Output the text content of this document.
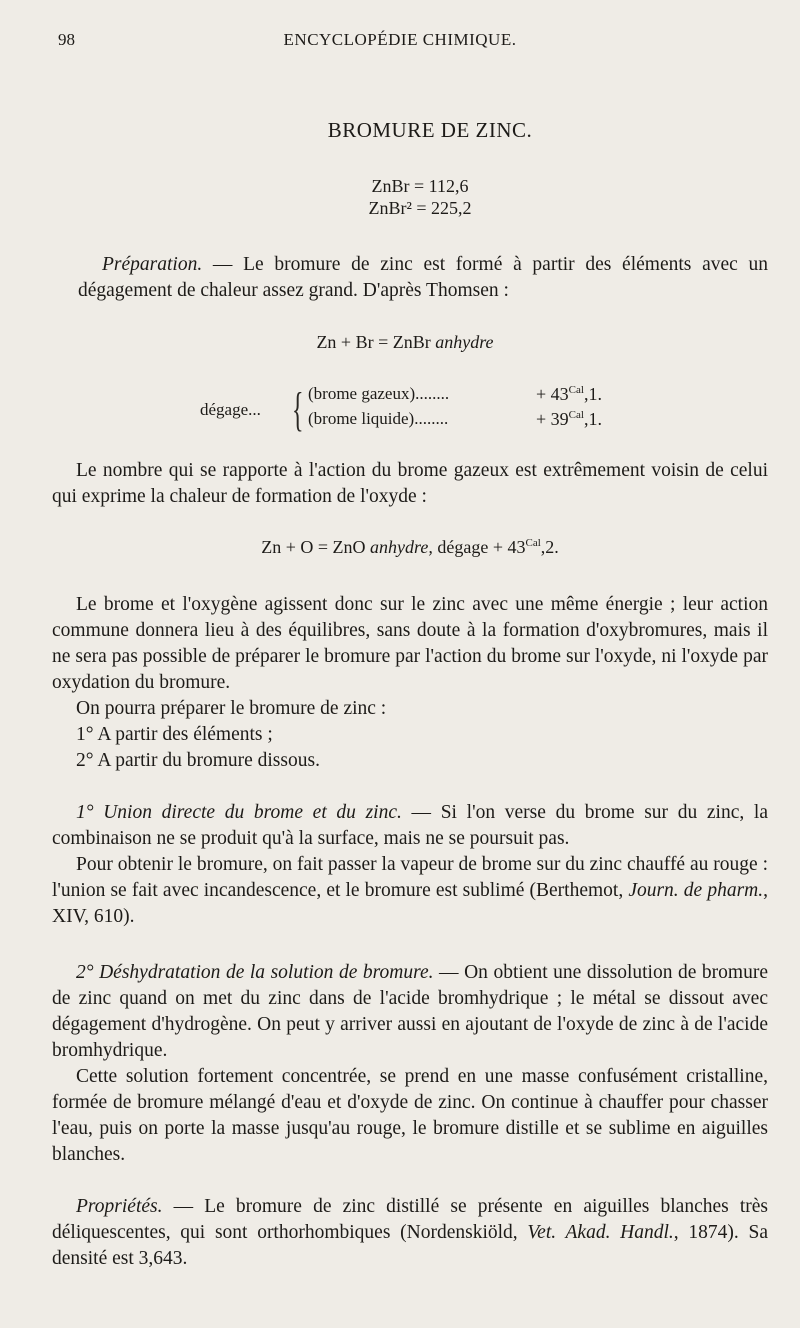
98	ENCYCLOPÉDIE CHIMIQUE.
BROMURE DE ZINC.
ZnBr = 112,6
ZnBr² = 225,2
Préparation. — Le bromure de zinc est formé à partir des éléments avec un dégagement de chaleur assez grand. D'après Thomsen :
Zn + Br = ZnBr anhydre
dégage... { (brome gazeux)........
(brome liquide)........
+ $43^{Cal},1$.
+ $39^{Cal},1$.
Le nombre qui se rapporte à l'action du brome gazeux est extrêmement voisin de celui qui exprime la chaleur de formation de l'oxyde :
Zn + O = ZnO anhydre, dégage + $43^{Cal},2$.
Le brome et l'oxygène agissent donc sur le zinc avec une même énergie ; leur action commune donnera lieu à des équilibres, sans doute à la formation d'oxybromures, mais il ne sera pas possible de préparer le bromure par l'action du brome sur l'oxyde, ni l'oxyde par oxydation du bromure.
On pourra préparer le bromure de zinc :
1° A partir des éléments ;
2° A partir du bromure dissous.
1° Union directe du brome et du zinc. — Si l'on verse du brome sur du zinc, la combinaison ne se produit qu'à la surface, mais ne se poursuit pas.
Pour obtenir le bromure, on fait passer la vapeur de brome sur du zinc chauffé au rouge : l'union se fait avec incandescence, et le bromure est sublimé (Berthemot, Journ. de pharm., XIV, 610).
2° Déshydratation de la solution de bromure. — On obtient une dissolution de bromure de zinc quand on met du zinc dans de l'acide bromhydrique ; le métal se dissout avec dégagement d'hydrogène. On peut y arriver aussi en ajoutant de l'oxyde de zinc à de l'acide bromhydrique.
Cette solution fortement concentrée, se prend en une masse confusément cristalline, formée de bromure mélangé d'eau et d'oxyde de zinc. On continue à chauffer pour chasser l'eau, puis on porte la masse jusqu'au rouge, le bromure distille et se sublime en aiguilles blanches.
Propriétés. — Le bromure de zinc distillé se présente en aiguilles blanches très déliquescentes, qui sont orthorhombiques (Nordenskiöld, Vet. Akad. Handl., 1874). Sa densité est 3,643.
